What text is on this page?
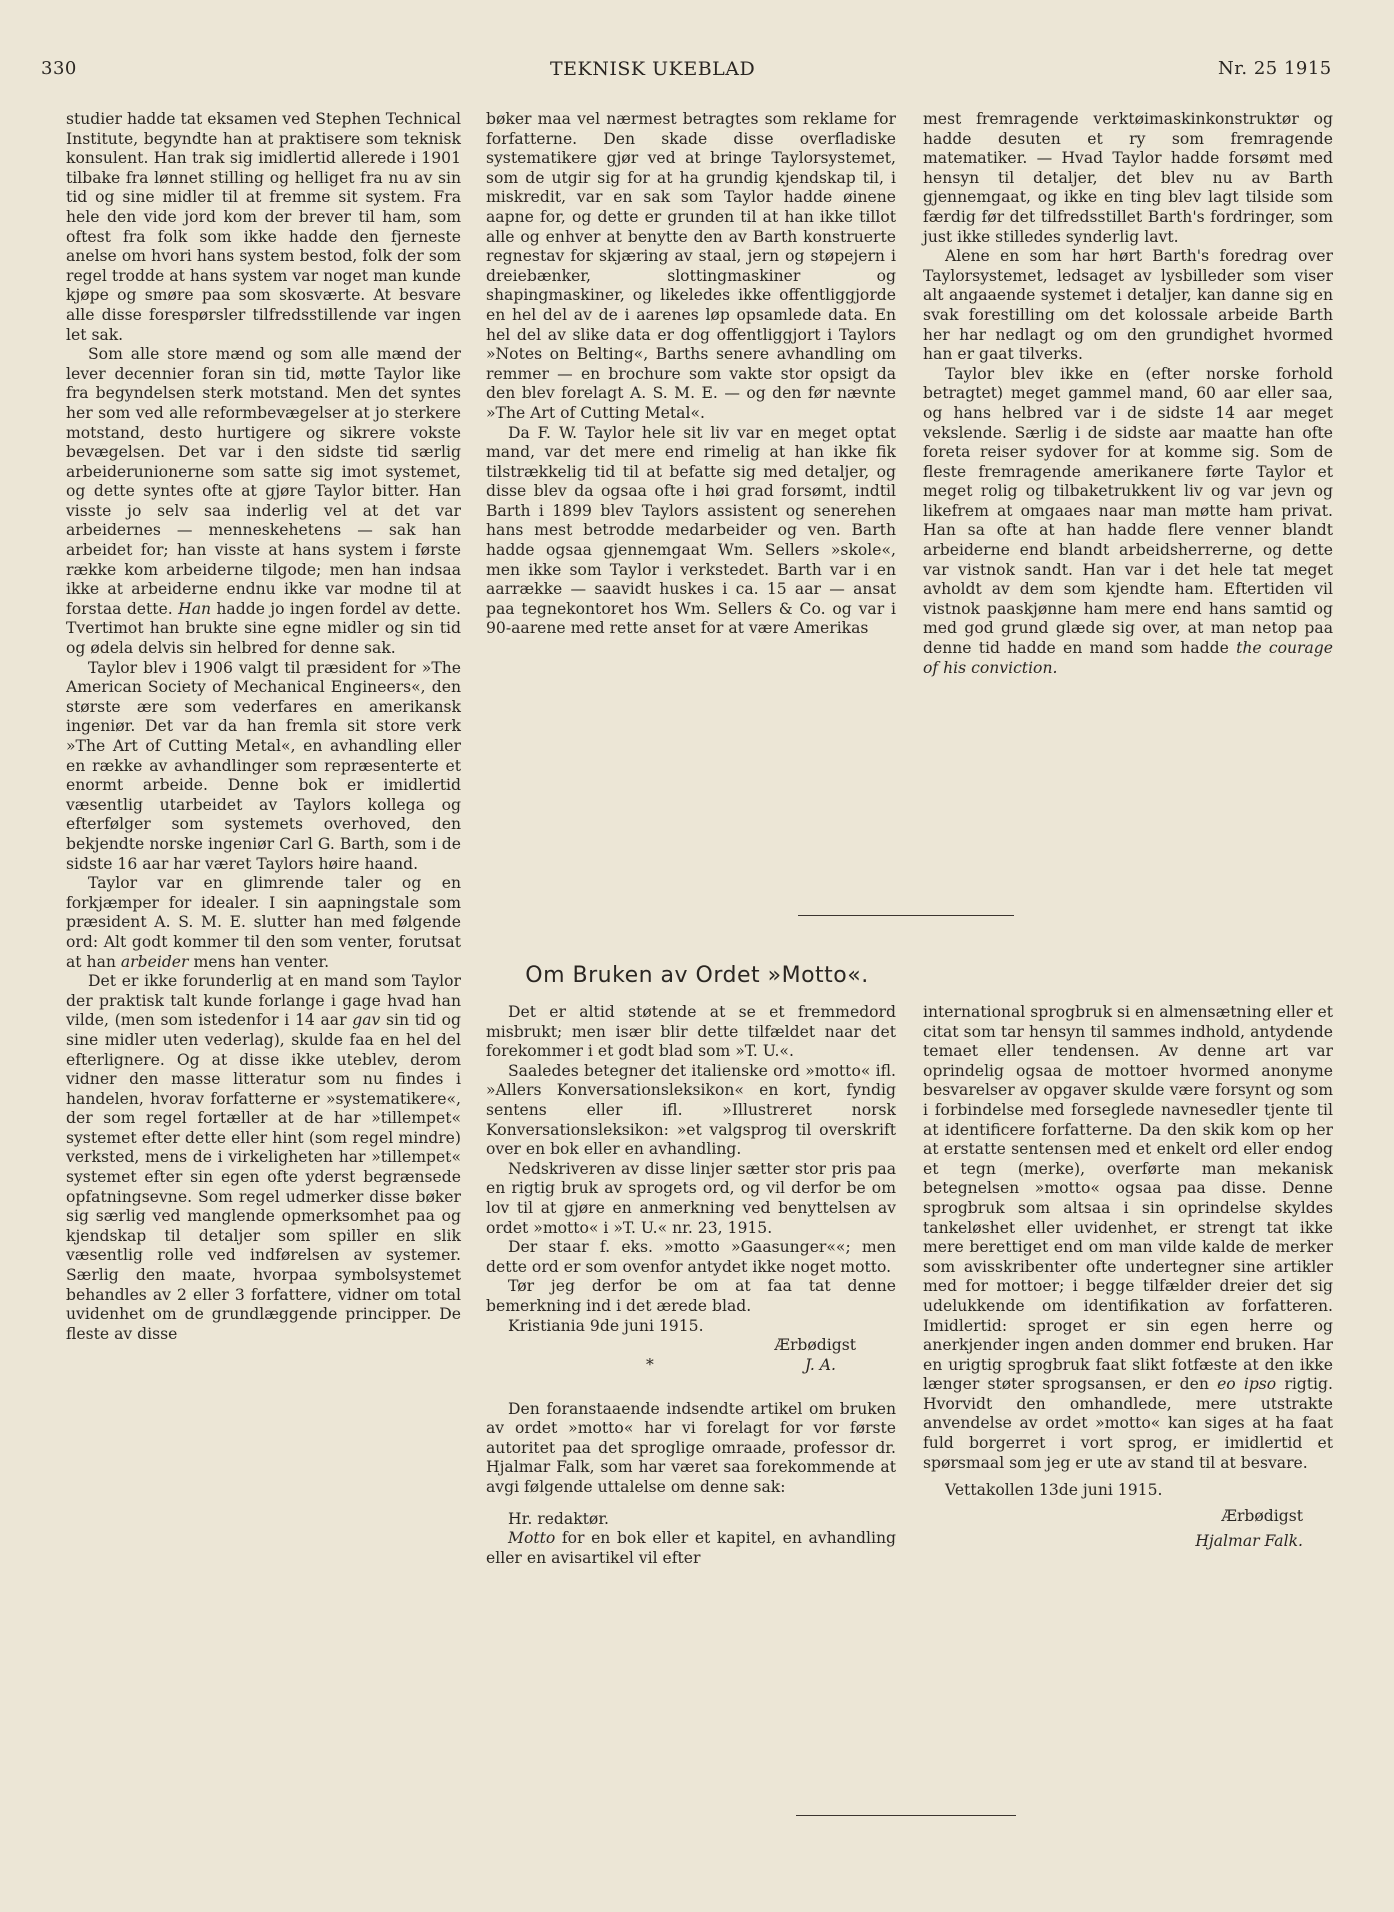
330	TEKNISK UKEBLAD	Nr. 25 1915

studier hadde tat eksamen ved Stephen Technical Institute, begyndte han at praktisere som teknisk konsulent. Han trak sig imidlertid allerede i 1901 tilbake fra lønnet stilling og helliget fra nu av sin tid og sine midler til at fremme sit system. Fra hele den vide jord kom der brever til ham, som oftest fra folk som ikke hadde den fjerneste anelse om hvori hans system bestod, folk der som regel trodde at hans system var noget man kunde kjøpe og smøre paa som skosværte. At besvare alle disse forespørsler tilfredsstillende var ingen let sak.

Som alle store mænd og som alle mænd der lever decennier foran sin tid, møtte Taylor like fra begyndelsen sterk motstand. Men det syntes her som ved alle reformbevægelser at jo sterkere motstand, desto hurtigere og sikrere vokste bevægelsen. Det var i den sidste tid særlig arbeiderunionerne som satte sig imot systemet, og dette syntes ofte at gjøre Taylor bitter. Han visste jo selv saa inderlig vel at det var arbeidernes — menneskehetens — sak han arbeidet for; han visste at hans system i første række kom arbeiderne tilgode; men han indsaa ikke at arbeiderne endnu ikke var modne til at forstaa dette. Han hadde jo ingen fordel av dette. Tvertimot han brukte sine egne midler og sin tid og ødela delvis sin helbred for denne sak.

Taylor blev i 1906 valgt til præsident for »The American Society of Mechanical Engineers«, den største ære som vederfares en amerikansk ingeniør. Det var da han fremla sit store verk »The Art of Cutting Metal«, en avhandling eller en række av avhandlinger som repræsenterte et enormt arbeide. Denne bok er imidlertid væsentlig utarbeidet av Taylors kollega og efterfølger som systemets overhoved, den bekjendte norske ingeniør Carl G. Barth, som i de sidste 16 aar har været Taylors høire haand.

Taylor var en glimrende taler og en forkjæmper for idealer. I sin aapningstale som præsident A. S. M. E. slutter han med følgende ord: Alt godt kommer til den som venter, forutsat at han arbeider mens han venter.

Det er ikke forunderlig at en mand som Taylor der praktisk talt kunde forlange i gage hvad han vilde, (men som istedenfor i 14 aar gav sin tid og sine midler uten vederlag), skulde faa en hel del efterlignere. Og at disse ikke uteblev, derom vidner den masse litteratur som nu findes i handelen, hvorav forfatterne er »systematikere«, der som regel fortæller at de har »tillempet« systemet efter dette eller hint (som regel mindre) verksted, mens de i virkeligheten har »tillempet« systemet efter sin egen ofte yderst begrænsede opfatningsevne. Som regel udmerker disse bøker sig særlig ved manglende opmerksomhet paa og kjendskap til detaljer som spiller en slik væsentlig rolle ved indførelsen av systemer. Særlig den maate, hvorpaa symbolsystemet behandles av 2 eller 3 forfattere, vidner om total uvidenhet om de grundlæggende principper. De fleste av disse

bøker maa vel nærmest betragtes som reklame for forfatterne. Den skade disse overfladiske systematikere gjør ved at bringe Taylorsystemet, som de utgir sig for at ha grundig kjendskap til, i miskredit, var en sak som Taylor hadde øinene aapne for, og dette er grunden til at han ikke tillot alle og enhver at benytte den av Barth konstruerte regnestav for skjæring av staal, jern og støpejern i dreiebænker, slottingmaskiner og shapingmaskiner, og likeledes ikke offentliggjorde en hel del av de i aarenes løp opsamlede data. En hel del av slike data er dog offentliggjort i Taylors »Notes on Belting«, Barths senere avhandling om remmer — en brochure som vakte stor opsigt da den blev forelagt A. S. M. E. — og den før nævnte »The Art of Cutting Metal«.

Da F. W. Taylor hele sit liv var en meget optat mand, var det mere end rimelig at han ikke fik tilstrækkelig tid til at befatte sig med detaljer, og disse blev da ogsaa ofte i høi grad forsømt, indtil Barth i 1899 blev Taylors assistent og senerehen hans mest betrodde medarbeider og ven. Barth hadde ogsaa gjennemgaat Wm. Sellers »skole«, men ikke som Taylor i verkstedet. Barth var i en aarrække — saavidt huskes i ca. 15 aar — ansat paa tegnekontoret hos Wm. Sellers & Co. og var i 90-aarene med rette anset for at være Amerikas

mest fremragende verktøimaskinkonstruktør og hadde desuten et ry som fremragende matematiker. — Hvad Taylor hadde forsømt med hensyn til detaljer, det blev nu av Barth gjennemgaat, og ikke en ting blev lagt tilside som færdig før det tilfredsstillet Barth's fordringer, som just ikke stilledes synderlig lavt.

Alene en som har hørt Barth's foredrag over Taylorsystemet, ledsaget av lysbilleder som viser alt angaaende systemet i detaljer, kan danne sig en svak forestilling om det kolossale arbeide Barth her har nedlagt og om den grundighet hvormed han er gaat tilverks.

Taylor blev ikke en (efter norske forhold betragtet) meget gammel mand, 60 aar eller saa, og hans helbred var i de sidste 14 aar meget vekslende. Særlig i de sidste aar maatte han ofte foreta reiser sydover for at komme sig. Som de fleste fremragende amerikanere førte Taylor et meget rolig og tilbaketrukkent liv og var jevn og likefrem at omgaaes naar man møtte ham privat. Han sa ofte at han hadde flere venner blandt arbeiderne end blandt arbeidsherrerne, og dette var vistnok sandt. Han var i det hele tat meget avholdt av dem som kjendte ham. Eftertiden vil vistnok paaskjønne ham mere end hans samtid og med god grund glæde sig over, at man netop paa denne tid hadde en mand som hadde the courage of his conviction.

Om Bruken av Ordet »Motto«.

Det er altid støtende at se et fremmedord misbrukt; men især blir dette tilfældet naar det forekommer i et godt blad som »T. U.«.

Saaledes betegner det italienske ord »motto« ifl. »Allers Konversationsleksikon« en kort, fyndig sentens eller ifl. »Illustreret norsk Konversationsleksikon: »et valgsprog til overskrift over en bok eller en avhandling.

Nedskriveren av disse linjer sætter stor pris paa en rigtig bruk av sprogets ord, og vil derfor be om lov til at gjøre en anmerkning ved benyttelsen av ordet »motto« i »T. U.« nr. 23, 1915.

Der staar f. eks. »motto »Gaasunger««; men dette ord er som ovenfor antydet ikke noget motto.

Tør jeg derfor be om at faa tat denne bemerkning ind i det ærede blad.

Kristiania 9de juni 1915.

Ærbødigst

*	J. A.

Den foranstaaende indsendte artikel om bruken av ordet »motto« har vi forelagt for vor første autoritet paa det sproglige omraade, professor dr. Hjalmar Falk, som har været saa forekommende at avgi følgende uttalelse om denne sak:

Hr. redaktør.

Motto for en bok eller et kapitel, en avhandling eller en avisartikel vil efter

international sprogbruk si en almensætning eller et citat som tar hensyn til sammes indhold, antydende temaet eller tendensen. Av denne art var oprindelig ogsaa de mottoer hvormed anonyme besvarelser av opgaver skulde være forsynt og som i forbindelse med forseglede navnesedler tjente til at identificere forfatterne. Da den skik kom op her at erstatte sentensen med et enkelt ord eller endog et tegn (merke), overførte man mekanisk betegnelsen »motto« ogsaa paa disse. Denne sprogbruk som altsaa i sin oprindelse skyldes tankeløshet eller uvidenhet, er strengt tat ikke mere berettiget end om man vilde kalde de merker som avisskribenter ofte undertegner sine artikler med for mottoer; i begge tilfælder dreier det sig udelukkende om identifikation av forfatteren. Imidlertid: sproget er sin egen herre og anerkjender ingen anden dommer end bruken. Har en urigtig sprogbruk faat slikt fotfæste at den ikke længer støter sprogsansen, er den eo ipso rigtig. Hvorvidt den omhandlede, mere utstrakte anvendelse av ordet »motto« kan siges at ha faat fuld borgerret i vort sprog, er imidlertid et spørsmaal som jeg er ute av stand til at besvare.

Vettakollen 13de juni 1915.

Ærbødigst

Hjalmar Falk.
